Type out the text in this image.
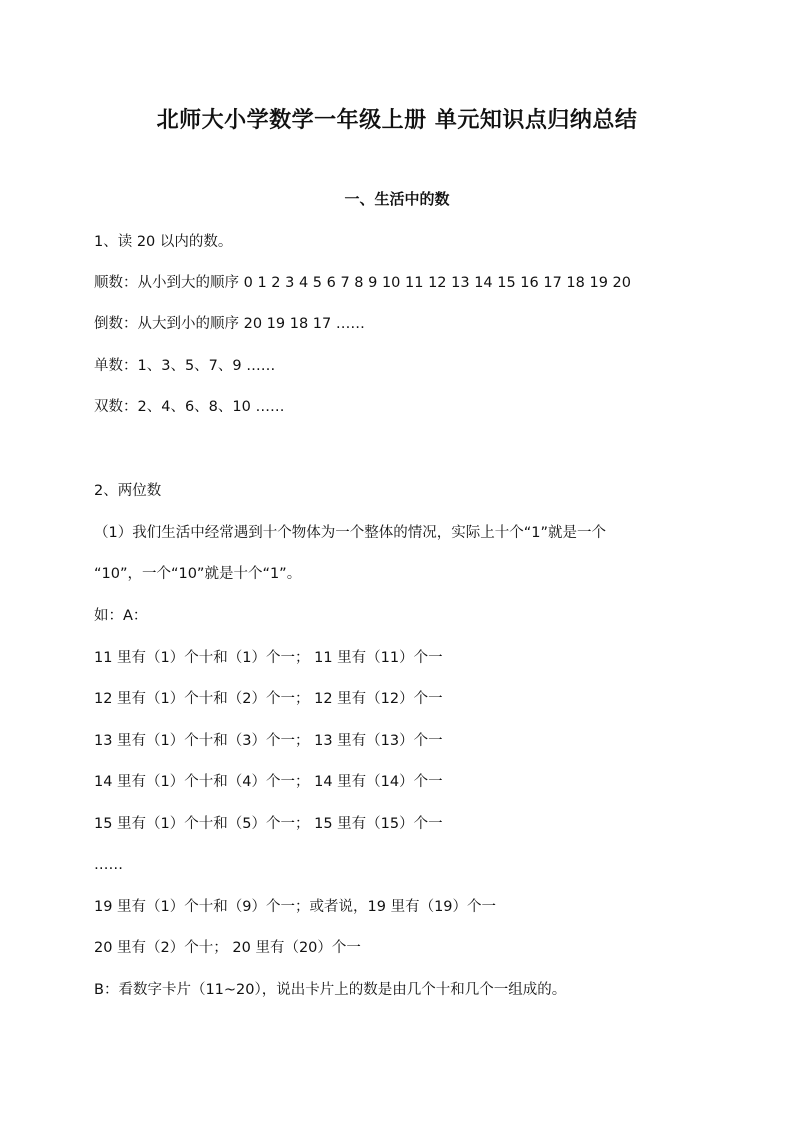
北师大小学数学一年级上册 单元知识点归纳总结
一、生活中的数
1、读 20 以内的数。
顺数：从小到大的顺序 0 1 2 3 4 5 6 7 8 9 10 11 12 13 14 15 16 17 18 19 20
倒数：从大到小的顺序 20 19 18 17 ……
单数：1、3、5、7、9 ……
双数：2、4、6、8、10 ……
2、两位数
（1）我们生活中经常遇到十个物体为一个整体的情况，实际上十个“1”就是一个
“10”，一个“10”就是十个“1”。
如：A：
11 里有（1）个十和（1）个一； 11 里有（11）个一
12 里有（1）个十和（2）个一； 12 里有（12）个一
13 里有（1）个十和（3）个一； 13 里有（13）个一
14 里有（1）个十和（4）个一； 14 里有（14）个一
15 里有（1）个十和（5）个一； 15 里有（15）个一
……
19 里有（1）个十和（9）个一；或者说，19 里有（19）个一
20 里有（2）个十； 20 里有（20）个一
B：看数字卡片（11~20），说出卡片上的数是由几个十和几个一组成的。
